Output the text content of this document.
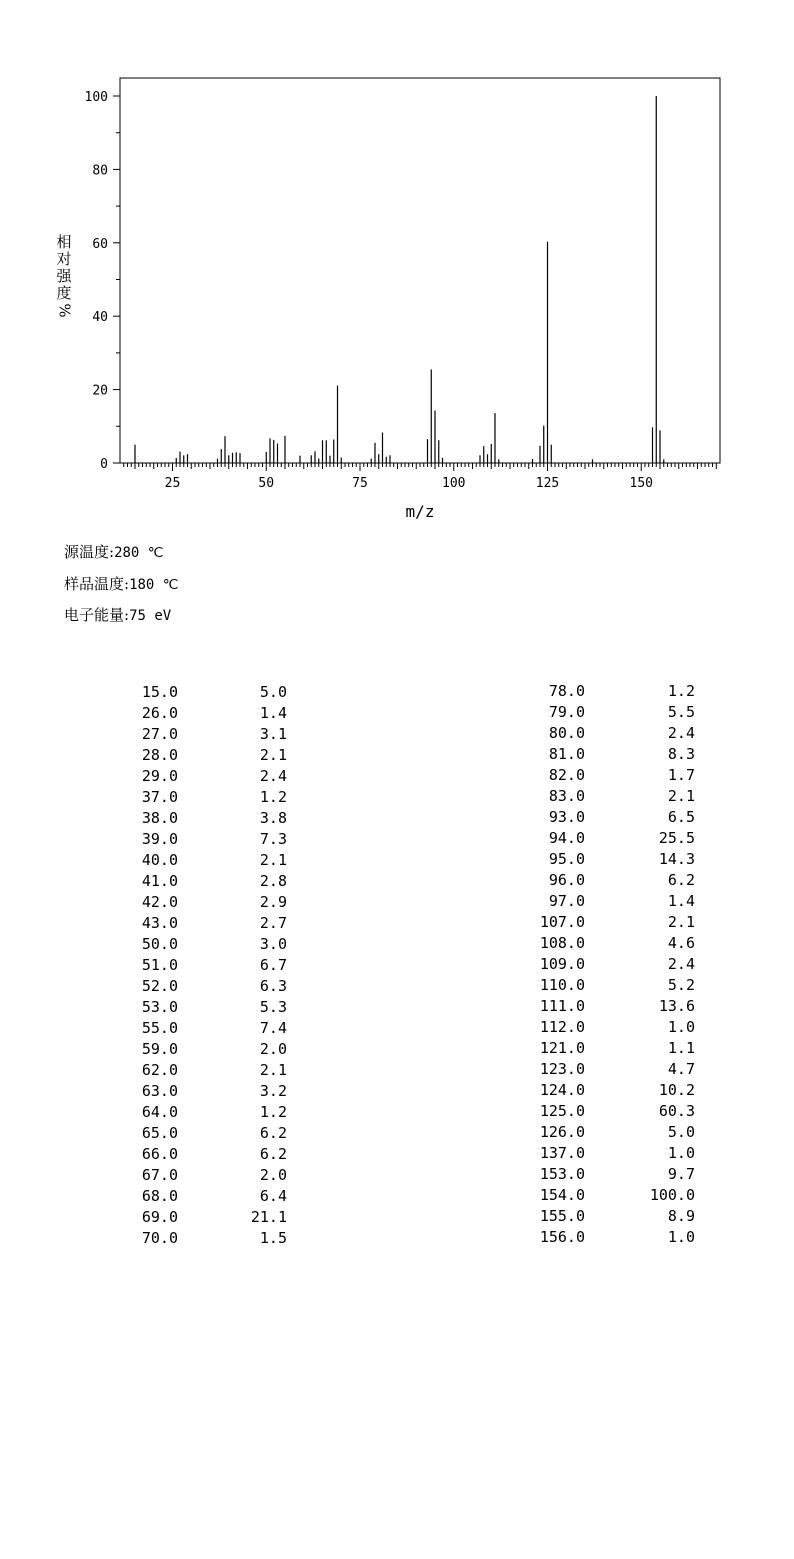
0
20
40
60
80
100
25	50	75	100	125	150
m/z
相
对
强
度
%
源温度:280 ℃
样品温度:180 ℃
电子能量:75 eV
15.0	5.0
26.0	1.4
27.0	3.1
28.0	2.1
29.0	2.4
37.0	1.2
38.0	3.8
39.0	7.3
40.0	2.1
41.0	2.8
42.0	2.9
43.0	2.7
50.0	3.0
51.0	6.7
52.0	6.3
53.0	5.3
55.0	7.4
59.0	2.0
62.0	2.1
63.0	3.2
64.0	1.2
65.0	6.2
66.0	6.2
67.0	2.0
68.0	6.4
69.0	21.1
70.0	1.5
78.0	1.2
79.0	5.5
80.0	2.4
81.0	8.3
82.0	1.7
83.0	2.1
93.0	6.5
94.0	25.5
95.0	14.3
96.0	6.2
97.0	1.4
107.0	2.1
108.0	4.6
109.0	2.4
110.0	5.2
111.0	13.6
112.0	1.0
121.0	1.1
123.0	4.7
124.0	10.2
125.0	60.3
126.0	5.0
137.0	1.0
153.0	9.7
154.0	100.0
155.0	8.9
156.0	1.0
